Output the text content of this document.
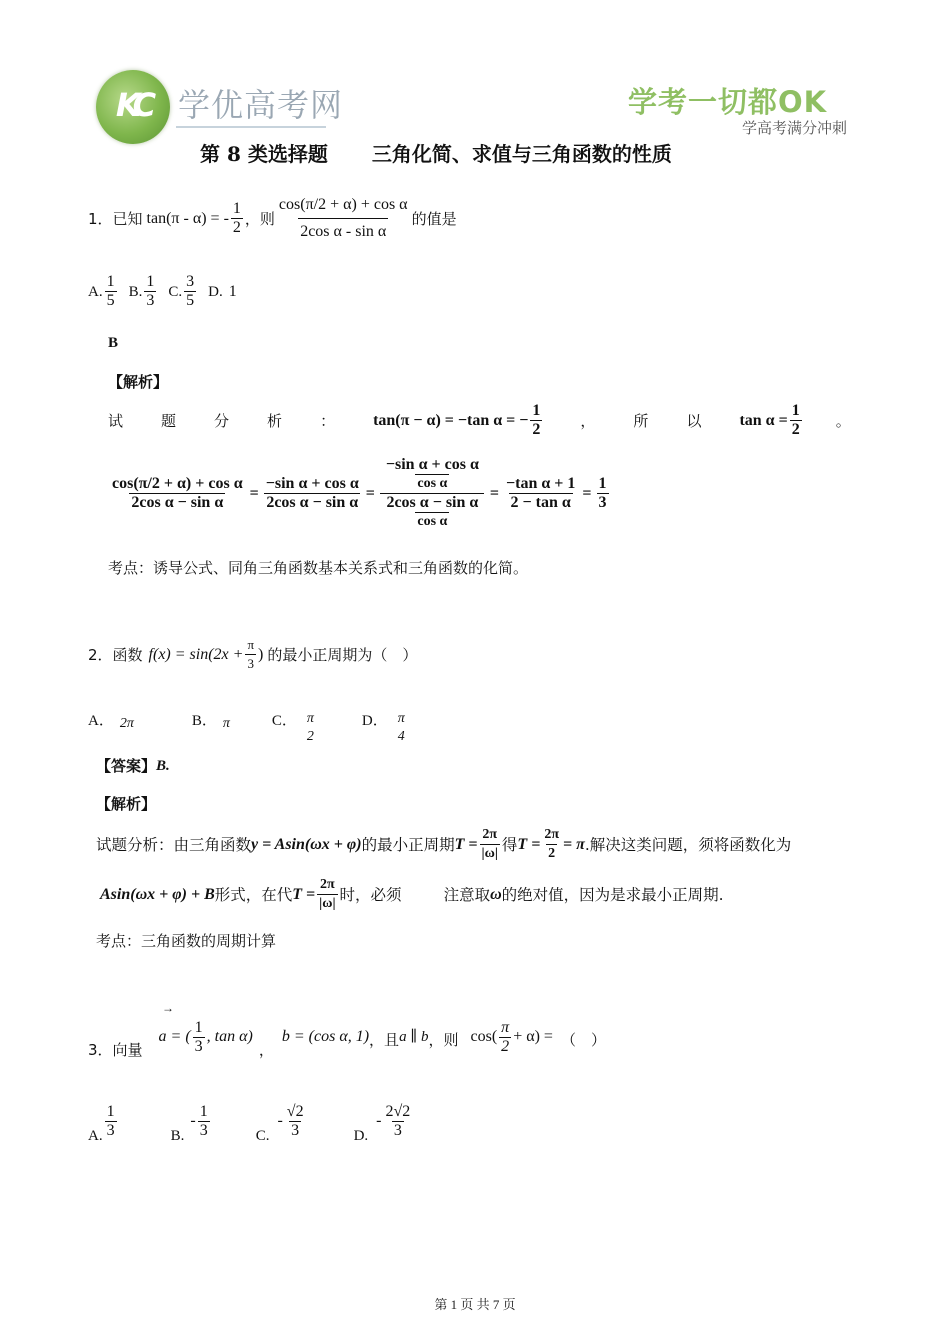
KC 学优高考网	学考一切都OK
学高考满分冲刺
第 8 类选择题 三角化简、求值与三角函数的性质
1．已知 tan(π - α) = - $\frac{1}{2}$ ，则 $\frac{\text{cos(π/2 + α) + cos α}}{\text{2cos α - sin α}}$ 的值是
A. $\frac{1}{5} B$. $\frac{1}{3} C$. $\frac{3}{5} D$. 1
B
【解析】
试	题	分	析	： tan(π − α) = −tan α = − $\frac{1}{2}$	，	所	以 $\tan \alpha = \frac{1}{2}$ 。
$\frac{\text{cos(π/2 + α) + cos α}}{\text{2cos α − sin α}} = \frac{\text{−sin α + cos α}}{\text{2cos α − sin α}} = \frac{\frac{\text{−sin α + cos α}}{\text{cos α}}}{\frac{\text{2cos α − sin α}}{\text{cos α}}} = \frac{\text{−tan α + 1}}{\text{2 − tan α}} = \frac{1}{3}$
考点：诱导公式、同角三角函数基本关系式和三角函数的化简。
2．函数 $f(x) = \sin(2x + \frac{\pi}{3}$ ) 的最小正周期为（　）
A． 2π	B． π	C． π
2
D． π
4
【答案】 B.
【解析】
试题分析：由三角函数 y = Asin(ωx + φ) 的最小正周期 $T = \frac{2\pi}{|\omega|}$ 得 $T = \frac{2\pi}{2} = \pi$ .解决这类问题，须将函数化为
Asin(ωx + φ) + B 形式，在代 $T = \frac{2\pi}{|\omega|}$ 时，必须	注意取 ω 的绝对值，因为是求最小正周期.
考点：三角函数的周期计算
→
3．向量
a = ( $\frac{1}{3}$ , tan α)
，
b = (cos α, 1) ，且 a ∥ b ，则 $\cos( \frac{\pi}{2} + \alpha)$ = （　）
A. $\frac{1}{3}$	B.
- $\frac{1}{3}$	C.
- $\frac{√2}{3}$	D.
- $\frac{2√2}{3}$
第 1 页 共 7 页
